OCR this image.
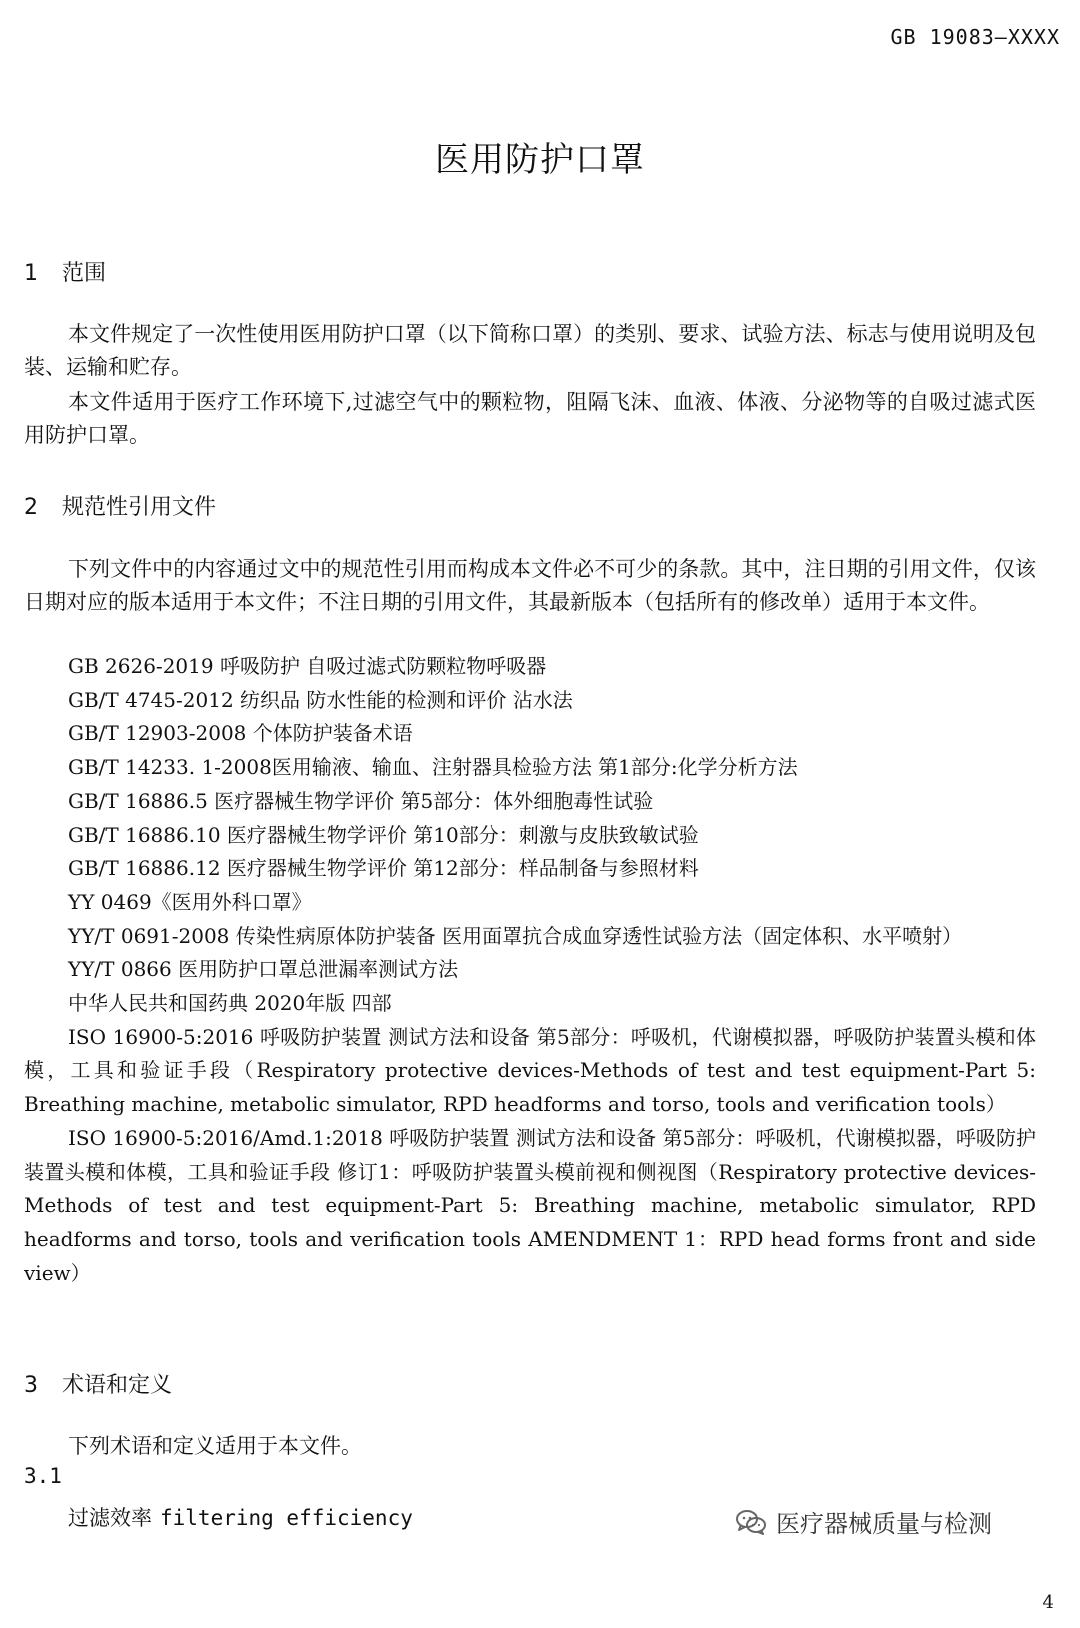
GB 19083—XXXX
医用防护口罩
1 范围

本文件规定了一次性使用医用防护口罩（以下简称口罩）的类别、要求、试验方法、标志与使用说明及包装、运输和贮存。

本文件适用于医疗工作环境下,过滤空气中的颗粒物，阻隔飞沫、血液、体液、分泌物等的自吸过滤式医用防护口罩。

2 规范性引用文件

下列文件中的内容通过文中的规范性引用而构成本文件必不可少的条款。其中，注日期的引用文件，仅该日期对应的版本适用于本文件；不注日期的引用文件，其最新版本（包括所有的修改单）适用于本文件。

GB 2626-2019 呼吸防护 自吸过滤式防颗粒物呼吸器
GB/T 4745-2012 纺织品 防水性能的检测和评价 沾水法
GB/T 12903-2008 个体防护装备术语
GB/T 14233. 1-2008医用输液、输血、注射器具检验方法 第1部分:化学分析方法
GB/T 16886.5 医疗器械生物学评价 第5部分：体外细胞毒性试验
GB/T 16886.10 医疗器械生物学评价 第10部分：刺激与皮肤致敏试验
GB/T 16886.12 医疗器械生物学评价 第12部分：样品制备与参照材料
YY 0469《医用外科口罩》
YY/T 0691-2008 传染性病原体防护装备 医用面罩抗合成血穿透性试验方法（固定体积、水平喷射）
YY/T 0866 医用防护口罩总泄漏率测试方法
中华人民共和国药典 2020年版 四部
ISO 16900-5:2016 呼吸防护装置 测试方法和设备 第5部分：呼吸机，代谢模拟器，呼吸防护装置头模和体模，工具和验证手段（Respiratory protective devices-Methods of test and test equipment-Part 5: Breathing machine, metabolic simulator, RPD headforms and torso, tools and verification tools）
ISO 16900-5:2016/Amd.1:2018 呼吸防护装置 测试方法和设备 第5部分：呼吸机，代谢模拟器，呼吸防护装置头模和体模，工具和验证手段 修订1：呼吸防护装置头模前视和侧视图（Respiratory protective devices-Methods of test and test equipment-Part 5: Breathing machine, metabolic simulator, RPD headforms and torso, tools and verification tools AMENDMENT 1：RPD head forms front and side view）
3 术语和定义

下列术语和定义适用于本文件。

3.1
过滤效率 filtering efficiency	医疗器械质量与检测
4
